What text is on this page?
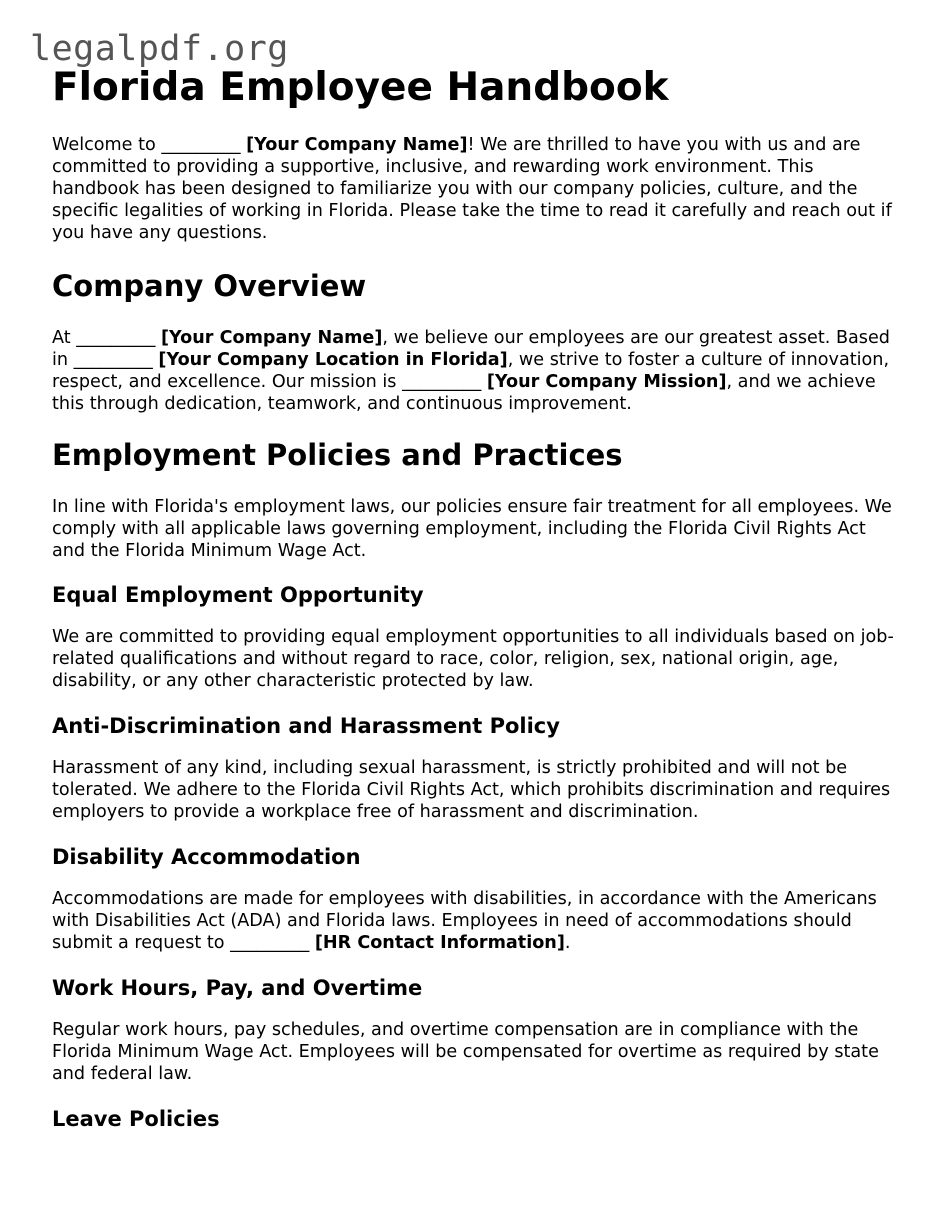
legalpdf.org
Florida Employee Handbook

Welcome to _________ [Your Company Name]! We are thrilled to have you with us and are committed to providing a supportive, inclusive, and rewarding work environment. This handbook has been designed to familiarize you with our company policies, culture, and the specific legalities of working in Florida. Please take the time to read it carefully and reach out if you have any questions.

Company Overview

At _________ [Your Company Name], we believe our employees are our greatest asset. Based in _________ [Your Company Location in Florida], we strive to foster a culture of innovation, respect, and excellence. Our mission is _________ [Your Company Mission], and we achieve this through dedication, teamwork, and continuous improvement.

Employment Policies and Practices

In line with Florida's employment laws, our policies ensure fair treatment for all employees. We comply with all applicable laws governing employment, including the Florida Civil Rights Act and the Florida Minimum Wage Act.

Equal Employment Opportunity

We are committed to providing equal employment opportunities to all individuals based on job-related qualifications and without regard to race, color, religion, sex, national origin, age, disability, or any other characteristic protected by law.

Anti-Discrimination and Harassment Policy

Harassment of any kind, including sexual harassment, is strictly prohibited and will not be tolerated. We adhere to the Florida Civil Rights Act, which prohibits discrimination and requires employers to provide a workplace free of harassment and discrimination.

Disability Accommodation

Accommodations are made for employees with disabilities, in accordance with the Americans with Disabilities Act (ADA) and Florida laws. Employees in need of accommodations should submit a request to _________ [HR Contact Information].

Work Hours, Pay, and Overtime

Regular work hours, pay schedules, and overtime compensation are in compliance with the Florida Minimum Wage Act. Employees will be compensated for overtime as required by state and federal law.

Leave Policies
